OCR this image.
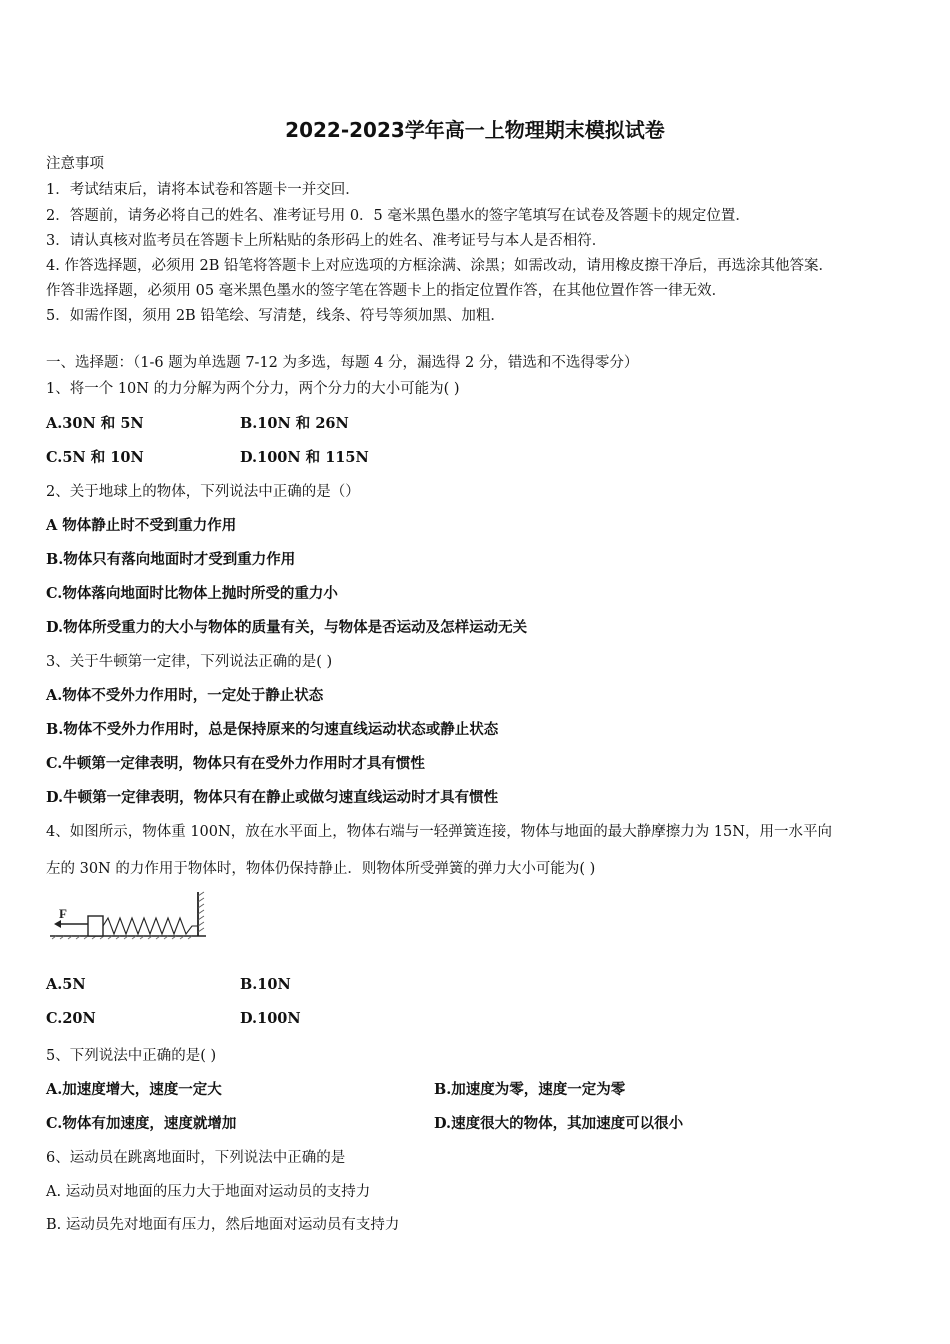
2022-2023学年高一上物理期末模拟试卷
注意事项
1．考试结束后，请将本试卷和答题卡一并交回．
2．答题前，请务必将自己的姓名、准考证号用 0．5 毫米黑色墨水的签字笔填写在试卷及答题卡的规定位置．
3．请认真核对监考员在答题卡上所粘贴的条形码上的姓名、准考证号与本人是否相符．
4. 作答选择题，必须用 2B 铅笔将答题卡上对应选项的方框涂满、涂黑；如需改动，请用橡皮擦干净后，再选涂其他答案．
作答非选择题，必须用 05 毫米黑色墨水的签字笔在答题卡上的指定位置作答，在其他位置作答一律无效．
5．如需作图，须用 2B 铅笔绘、写清楚，线条、符号等须加黑、加粗．
一、选择题：（1-6 题为单选题 7-12 为多选，每题 4 分，漏选得 2 分，错选和不选得零分）
1、将一个 10N 的力分解为两个分力，两个分力的大小可能为( )
A.30N 和 5N	B.10N 和 26N
C.5N 和 10N	D.100N 和 115N
2、关于地球上的物体，下列说法中正确的是（）
A 物体静止时不受到重力作用
B.物体只有落向地面时才受到重力作用
C.物体落向地面时比物体上抛时所受的重力小
D.物体所受重力的大小与物体的质量有关，与物体是否运动及怎样运动无关
3、关于牛顿第一定律，下列说法正确的是( )
A.物体不受外力作用时，一定处于静止状态
B.物体不受外力作用时，总是保持原来的匀速直线运动状态或静止状态
C.牛顿第一定律表明，物体只有在受外力作用时才具有惯性
D.牛顿第一定律表明，物体只有在静止或做匀速直线运动时才具有惯性
4、如图所示，物体重 100N，放在水平面上，物体右端与一轻弹簧连接，物体与地面的最大静摩擦力为 15N，用一水平向
左的 30N 的力作用于物体时，物体仍保持静止．则物体所受弹簧的弹力大小可能为( )
F
A.5N	B.10N
C.20N	D.100N
5、下列说法中正确的是( )
A.加速度增大，速度一定大	B.加速度为零，速度一定为零
C.物体有加速度，速度就增加	D.速度很大的物体，其加速度可以很小
6、运动员在跳离地面时，下列说法中正确的是
A. 运动员对地面的压力大于地面对运动员的支持力
B. 运动员先对地面有压力，然后地面对运动员有支持力
